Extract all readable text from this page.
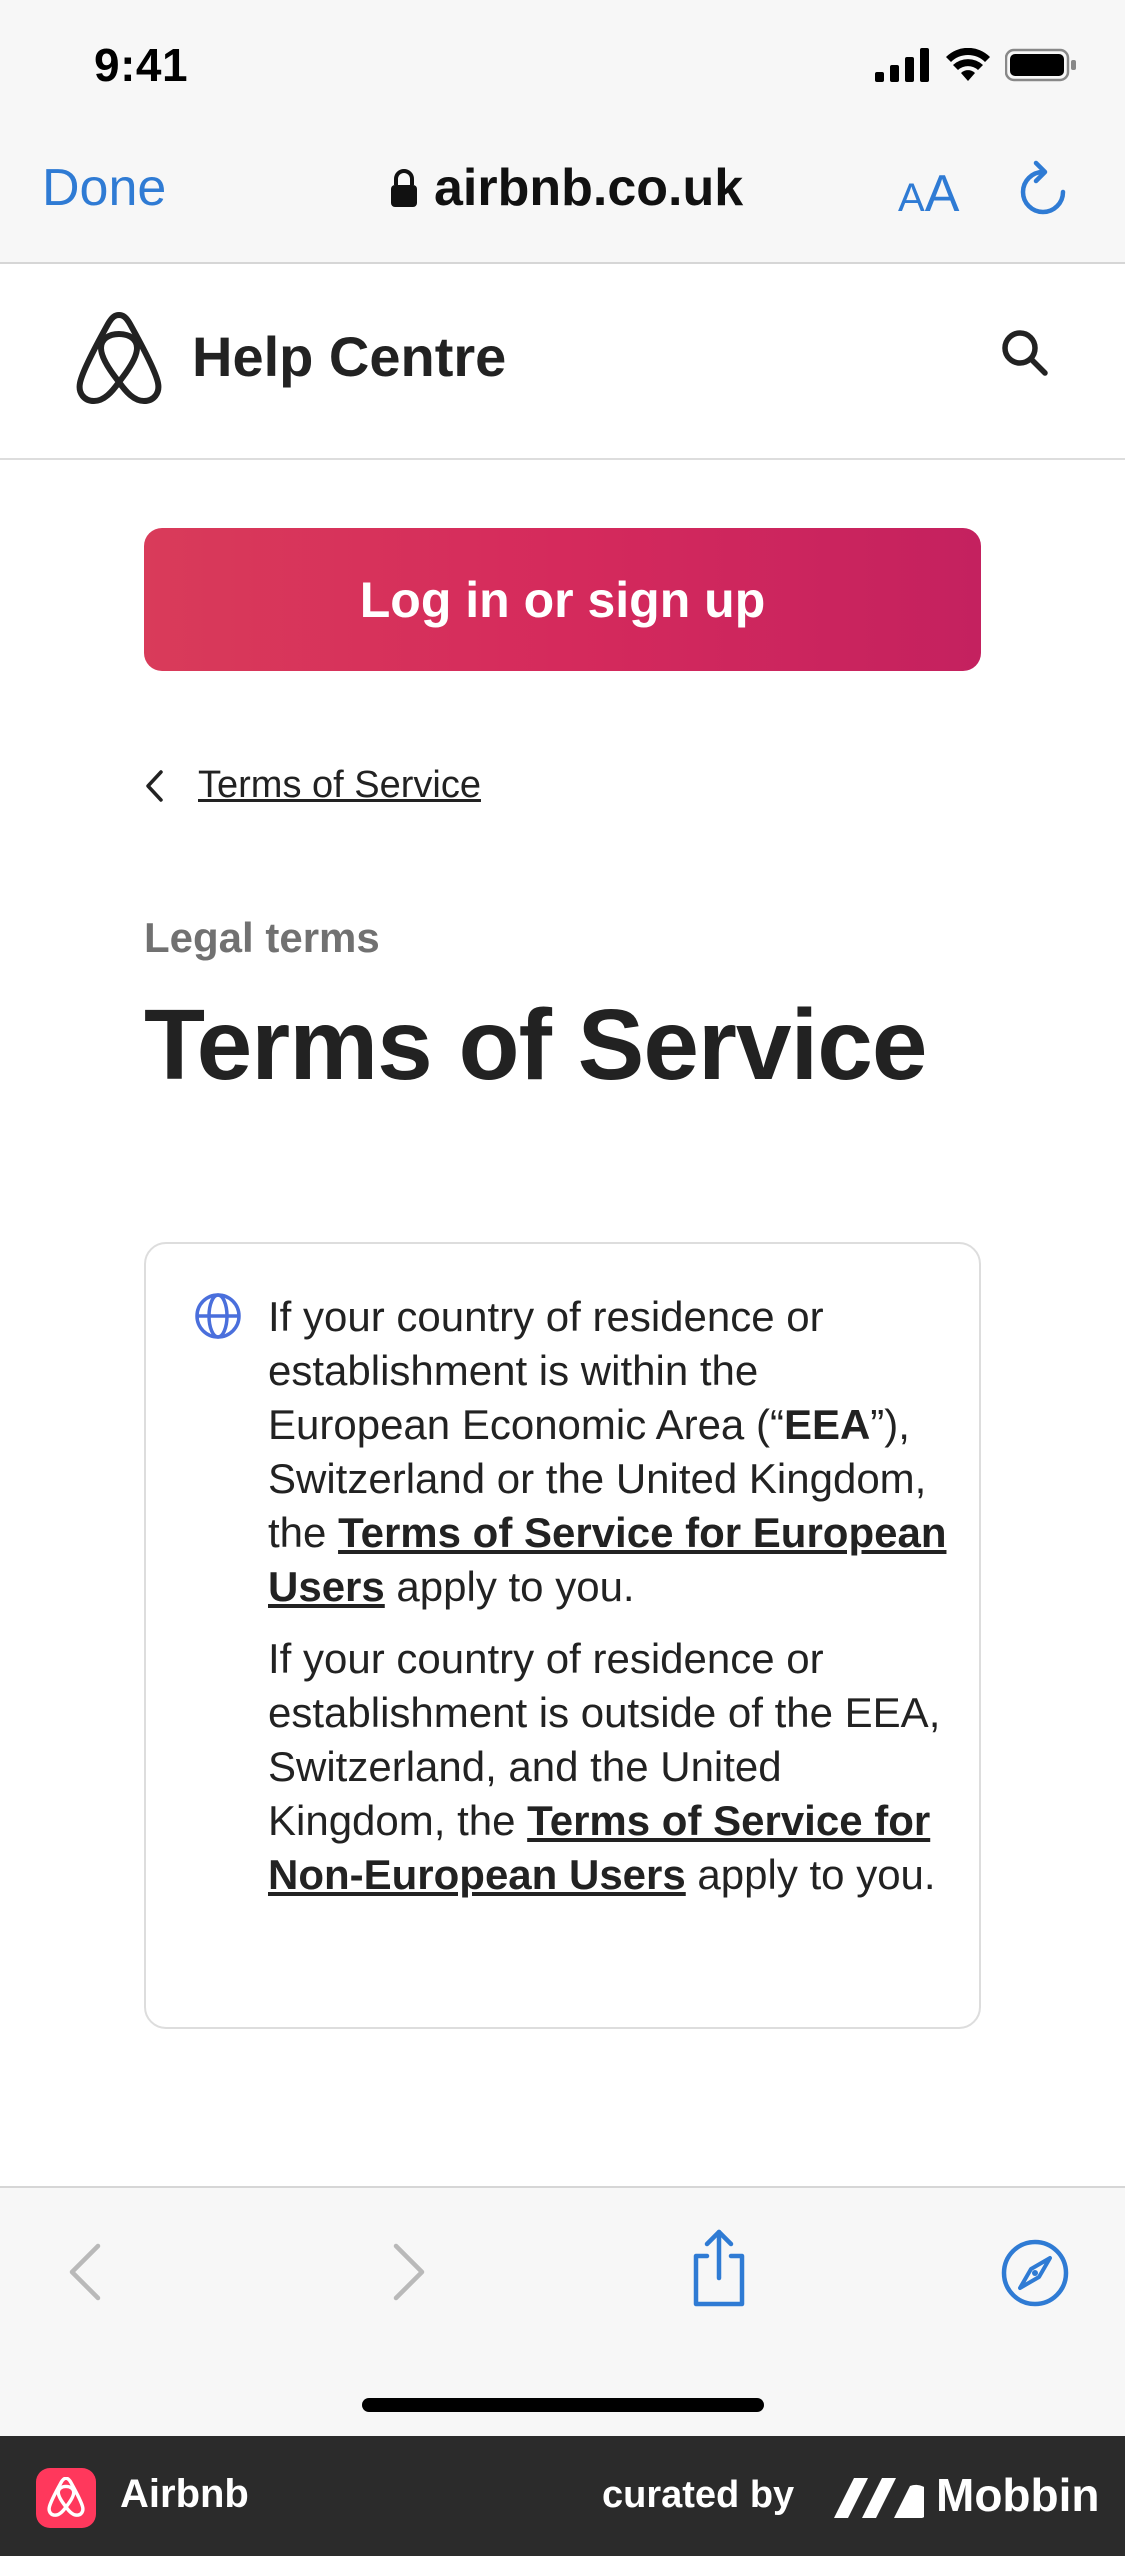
9:41
Done	airbnb.co.uk	AA
Help Centre
Log in or sign up
Terms of Service
Legal terms
Terms of Service

If your country of residence or establishment is within the European Economic Area (“EEA”), Switzerland or the United Kingdom, the Terms of Service for European Users apply to you.

If your country of residence or establishment is outside of the EEA, Switzerland, and the United Kingdom, the Terms of Service for Non-European Users apply to you.

Airbnb	curated by	Mobbin
